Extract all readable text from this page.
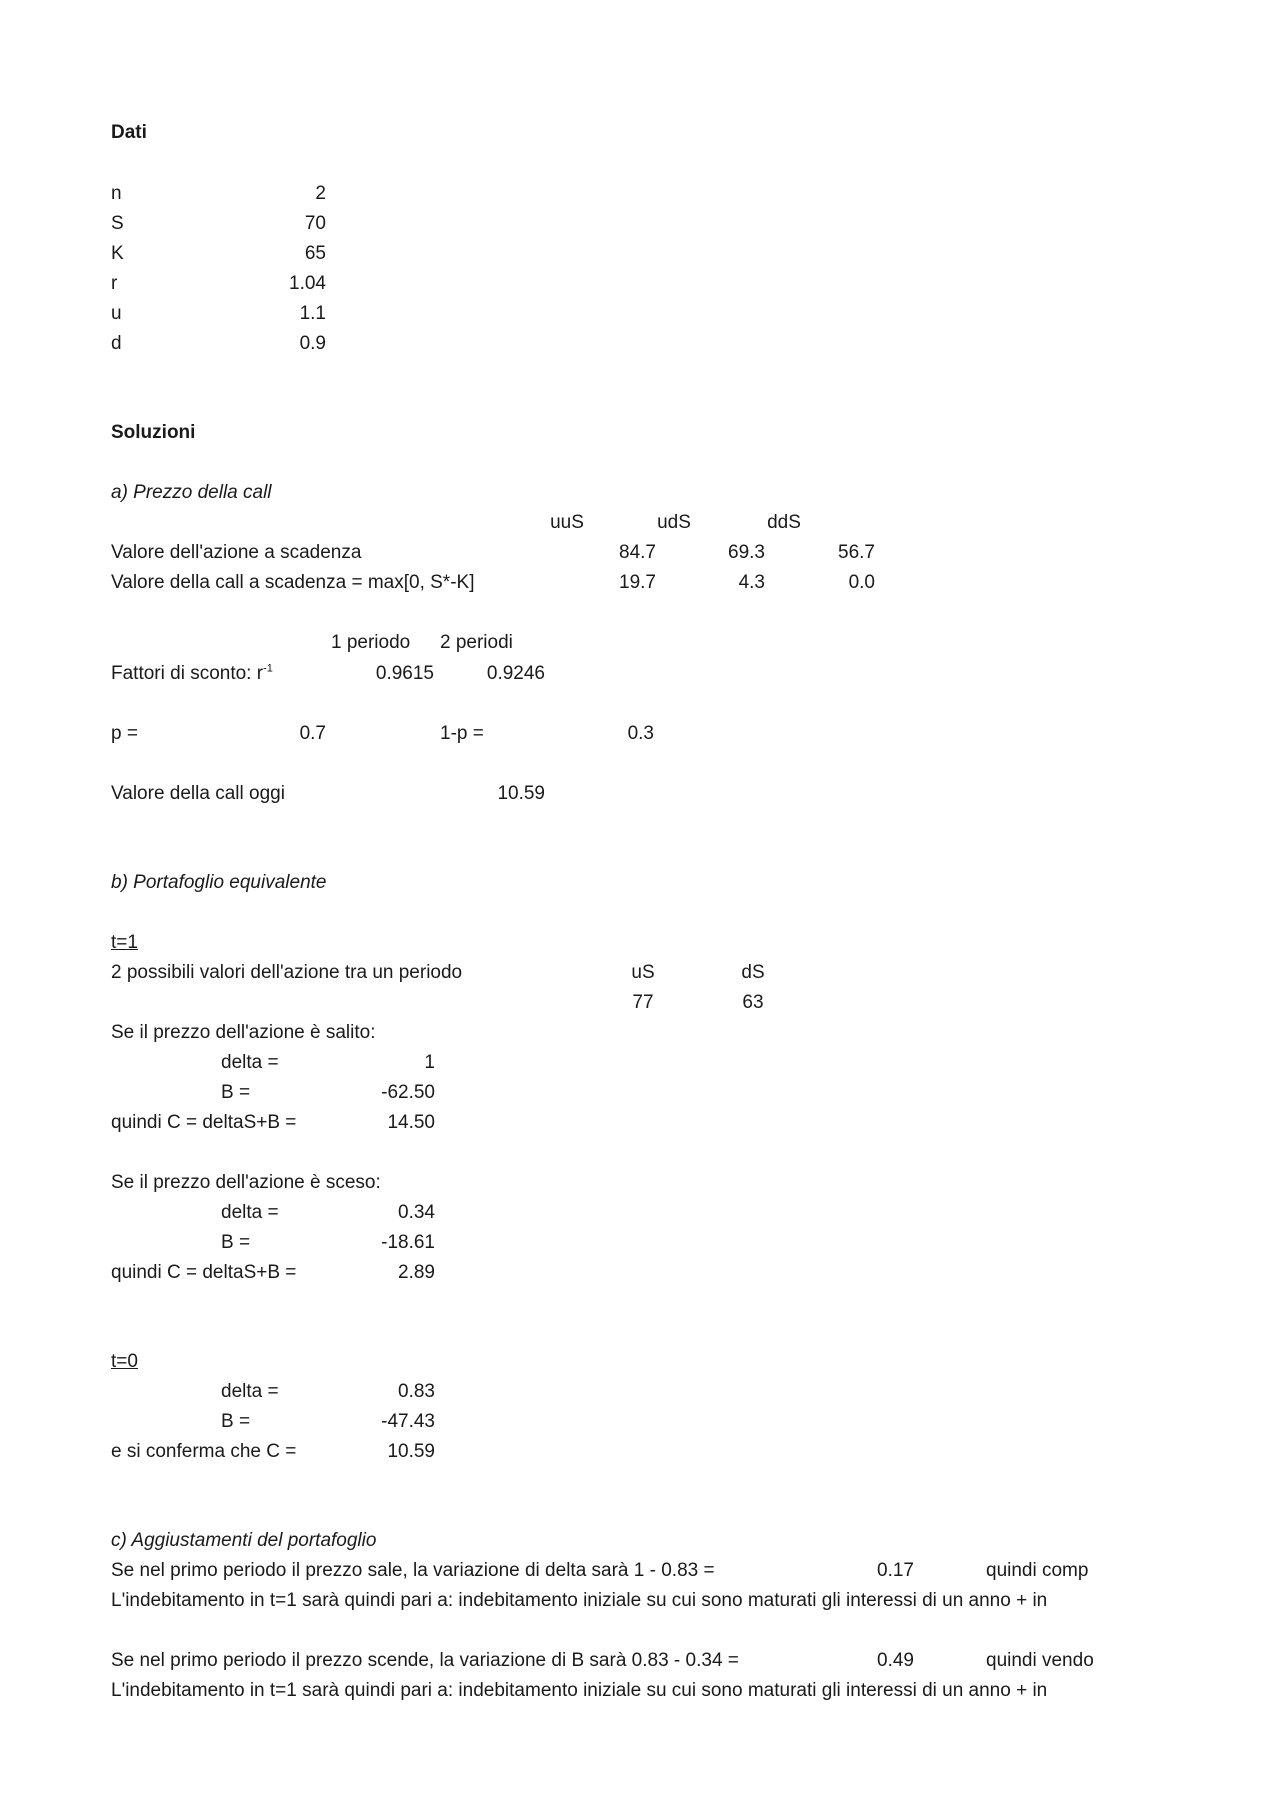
Dati
n	2
S	70
K	65
r	1.04
u	1.1
d	0.9
Soluzioni
a) Prezzo della call
uuS	udS	ddS
Valore dell'azione a scadenza	84.7	69.3	56.7
Valore della call a scadenza = max[0, S*-K]	19.7	4.3	0.0
1 periodo 2 periodi
Fattori di sconto: $r^{-1}$	0.9615	0.9246
p =	0.7	1-p =	0.3
Valore della call oggi	10.59
b) Portafoglio equivalente
t=1
2 possibili valori dell'azione tra un periodo	uS	dS
77	63
Se il prezzo dell'azione è salito:
delta =	1
B =	-62.50
quindi C = deltaS+B =	14.50
Se il prezzo dell'azione è sceso:
delta =	0.34
B =	-18.61
quindi C = deltaS+B =	2.89
t=0
delta =	0.83
B =	-47.43
e si conferma che C =	10.59
c) Aggiustamenti del portafoglio
Se nel primo periodo il prezzo sale, la variazione di delta sarà 1 - 0.83 =	0.17	quindi comp
L'indebitamento in t=1 sarà quindi pari a: indebitamento iniziale su cui sono maturati gli interessi di un anno + in
Se nel primo periodo il prezzo scende, la variazione di B sarà 0.83 - 0.34 =	0.49	quindi vendo
L'indebitamento in t=1 sarà quindi pari a: indebitamento iniziale su cui sono maturati gli interessi di un anno + in
